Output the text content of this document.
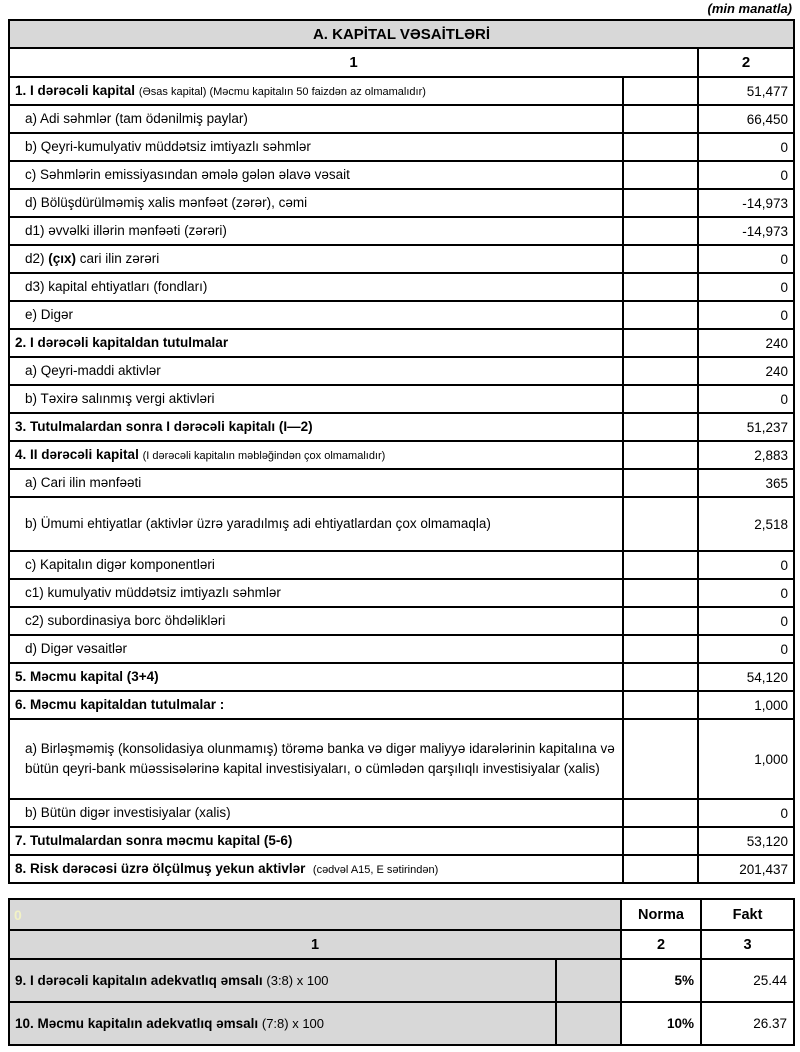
(min manatla)
A. KAPİTAL VƏSAİTLƏRİ		
1		2
1. I dərəcəli kapital (Əsas kapital) (Məcmu kapitalın 50 faizdən az olmamalıdır)		51,477
a) Adi səhmlər (tam ödənilmiş paylar)		66,450
b) Qeyri-kumulyativ müddətsiz imtiyazlı səhmlər		0
c) Səhmlərin emissiyasından əmələ gələn əlavə vəsait		0
d) Bölüşdürülməmiş xalis mənfəət (zərər), cəmi		-14,973
d1) əvvəlki illərin mənfəəti (zərəri)		-14,973
d2) (çıx) cari ilin zərəri		0
d3) kapital ehtiyatları (fondları)		0
e) Digər		0
2. I dərəcəli kapitaldan tutulmalar		240
a) Qeyri-maddi aktivlər		240
b) Təxirə salınmış vergi aktivləri		0
3. Tutulmalardan sonra I dərəcəli kapitalı (I—2)		51,237
4. II dərəcəli kapital (I dərəcəli kapitalın məbləğindən çox olmamalıdır)		2,883
a) Cari ilin mənfəəti		365
b) Ümumi ehtiyatlar (aktivlər üzrə yaradılmış adi ehtiyatlardan çox olmamaqla)		2,518
c) Kapitalın digər komponentləri		0
c1) kumulyativ müddətsiz imtiyazlı səhmlər		0
c2) subordinasiya borc öhdəlikləri		0
d) Digər vəsaitlər		0
5. Məcmu kapital (3+4)		54,120
6. Məcmu kapitaldan tutulmalar :		1,000
a) Birləşməmiş (konsolidasiya olunmamış) törəmə banka və digər maliyyə idarələrinin kapitalına və bütün qeyri-bank müəssisələrinə kapital investisiyaları, o cümlədən qarşılıqlı investisiyalar (xalis)		1,000
b) Bütün digər investisiyalar (xalis)		0
7. Tutulmalardan sonra məcmu kapital (5-6)		53,120
8. Risk dərəcəsi üzrə ölçülmuş yekun aktivlər (cədvəl A15, E sətirindən)		201,437
0		Norma	Fakt
1		2	3
9. I dərəcəli kapitalın adekvatlıq əmsalı (3:8) x 100		5%	25.44
10. Məcmu kapitalın adekvatlıq əmsalı (7:8) x 100		10%	26.37
